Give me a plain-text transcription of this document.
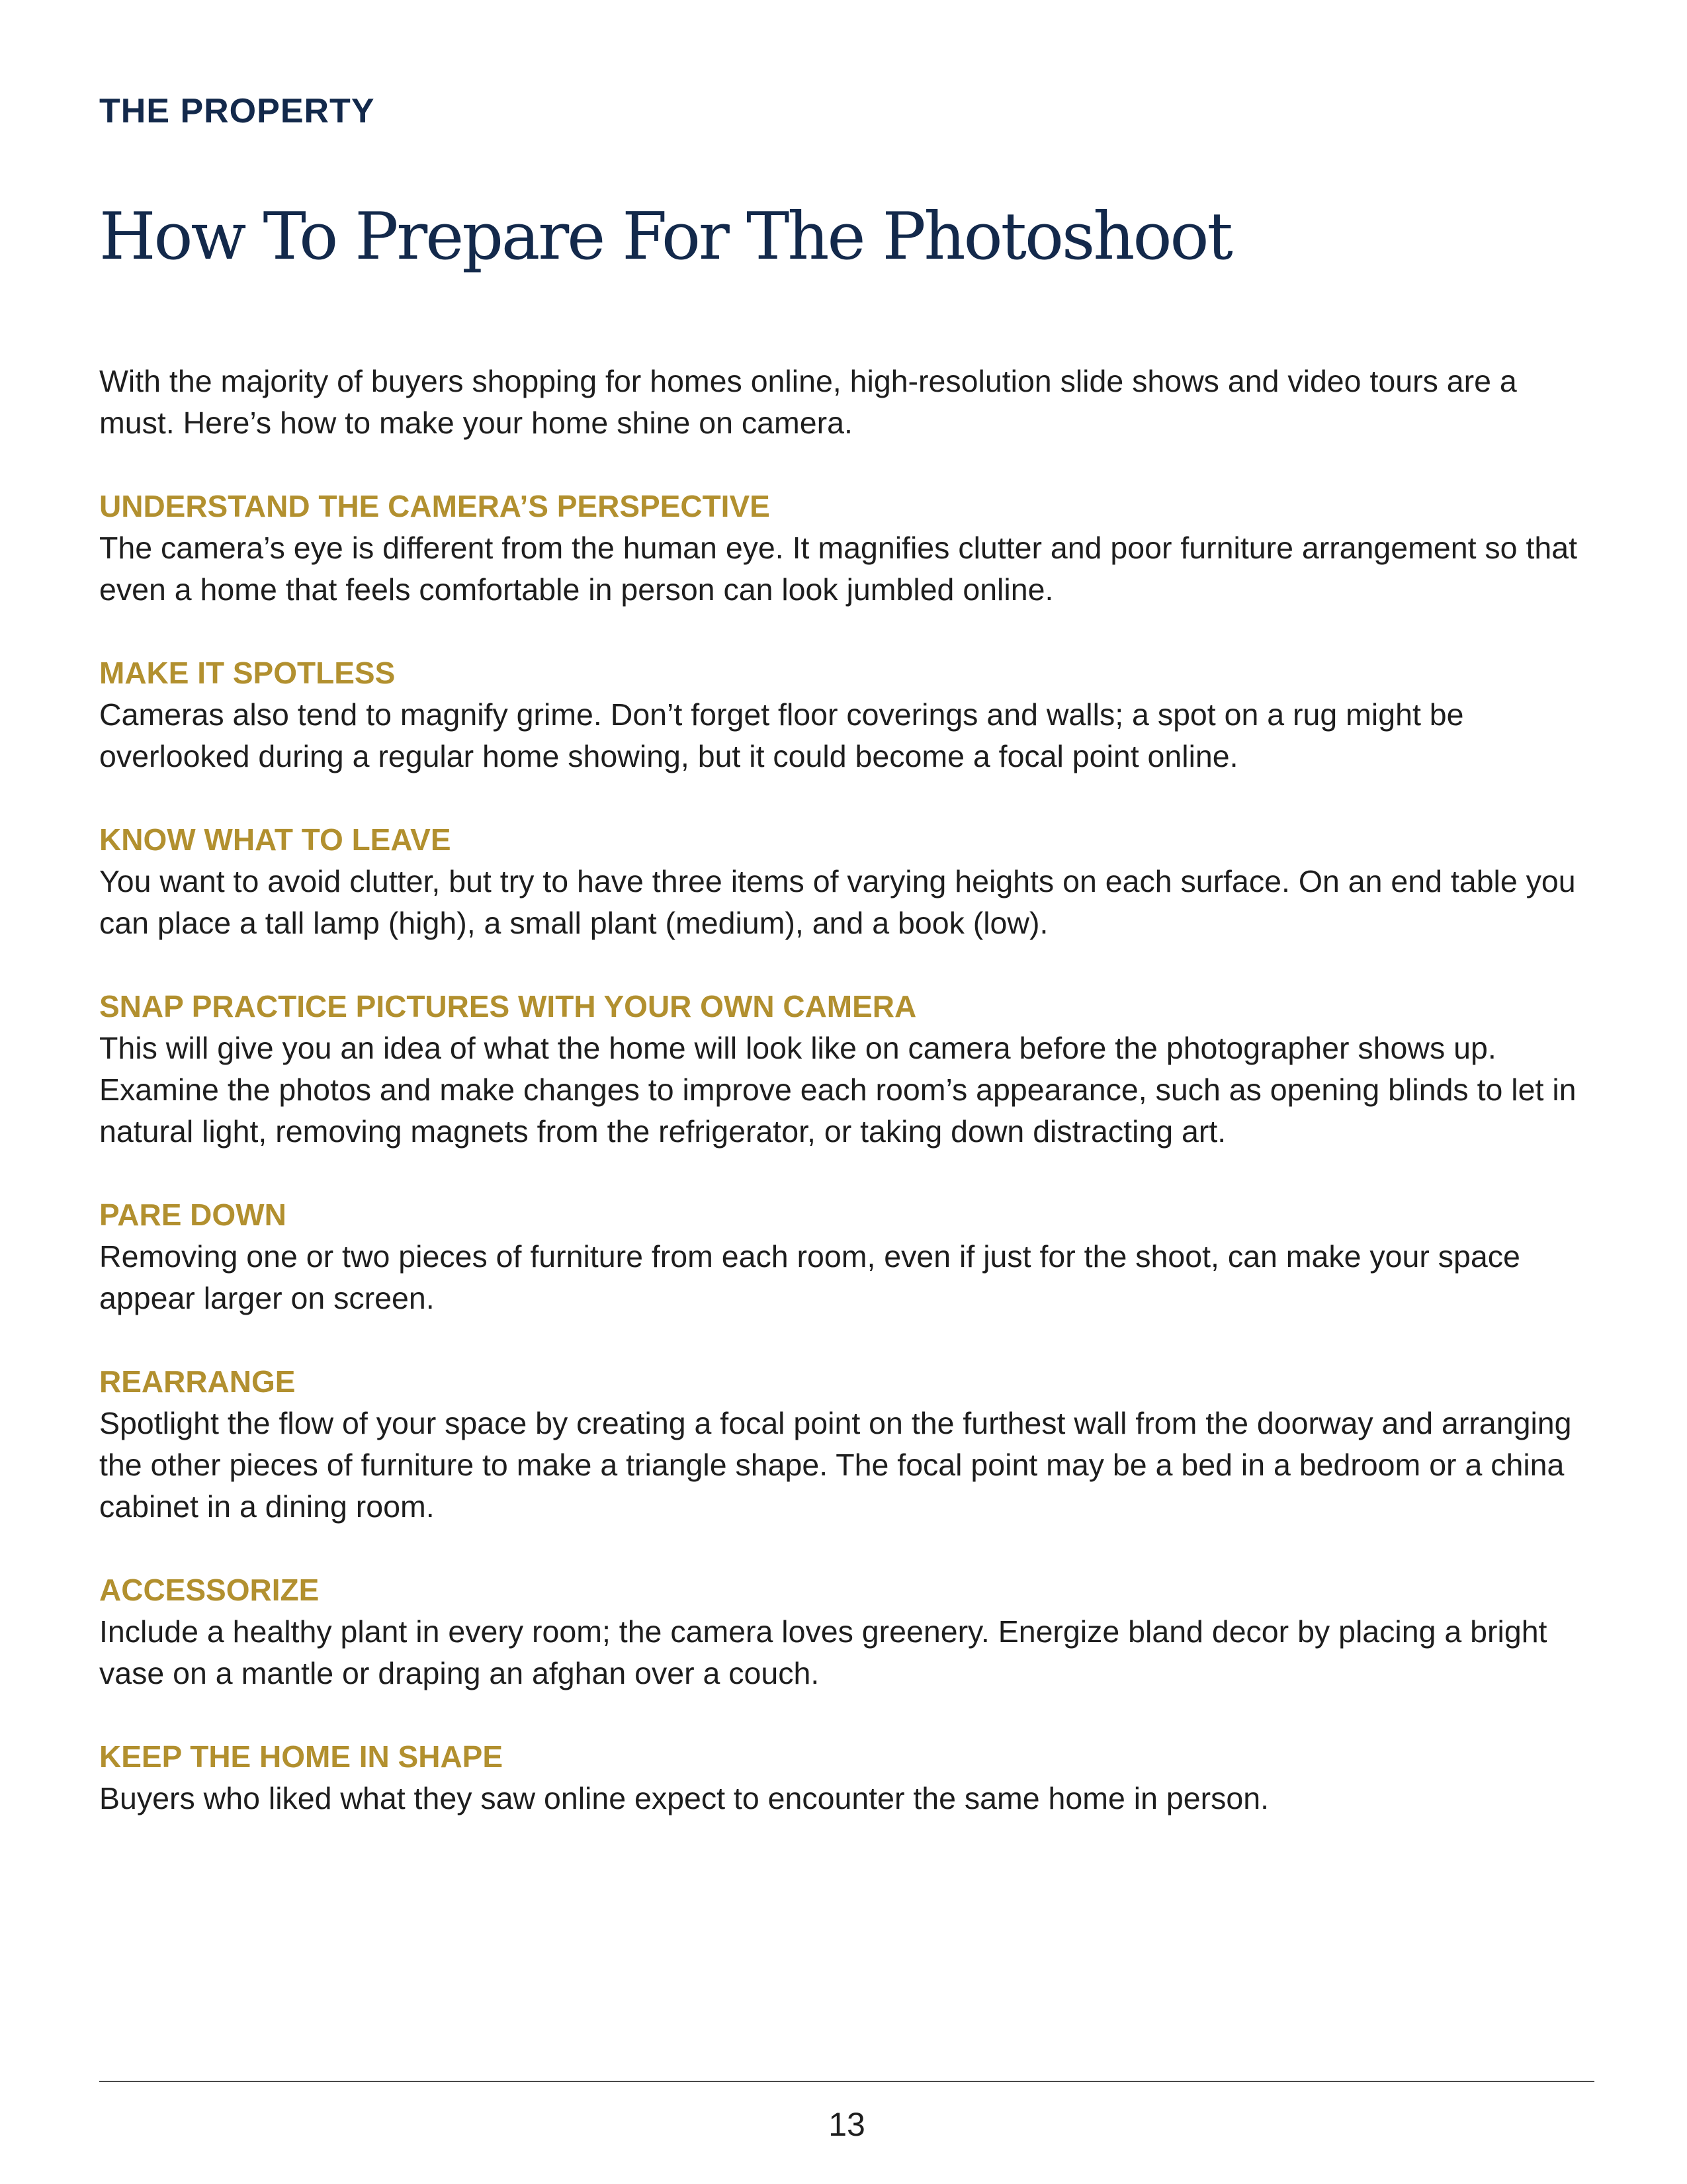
THE PROPERTY
How To Prepare For The Photoshoot

With the majority of buyers shopping for homes online, high-resolution slide shows and video tours are a must. Here’s how to make your home shine on camera.

UNDERSTAND THE CAMERA’S PERSPECTIVE

The camera’s eye is different from the human eye. It magnifies clutter and poor furniture arrangement so that even a home that feels comfortable in person can look jumbled online.

MAKE IT SPOTLESS

Cameras also tend to magnify grime. Don’t forget floor coverings and walls; a spot on a rug might be overlooked during a regular home showing, but it could become a focal point online.

KNOW WHAT TO LEAVE

You want to avoid clutter, but try to have three items of varying heights on each surface. On an end table you can place a tall lamp (high), a small plant (medium), and a book (low).

SNAP PRACTICE PICTURES WITH YOUR OWN CAMERA

This will give you an idea of what the home will look like on camera before the photographer shows up. Examine the photos and make changes to improve each room’s appearance, such as opening blinds to let in natural light, removing magnets from the refrigerator, or taking down distracting art.

PARE DOWN

Removing one or two pieces of furniture from each room, even if just for the shoot, can make your space appear larger on screen.

REARRANGE

Spotlight the flow of your space by creating a focal point on the furthest wall from the doorway and arranging the other pieces of furniture to make a triangle shape. The focal point may be a bed in a bedroom or a china cabinet in a dining room.

ACCESSORIZE

Include a healthy plant in every room; the camera loves greenery. Energize bland decor by placing a bright vase on a mantle or draping an afghan over a couch.

KEEP THE HOME IN SHAPE

Buyers who liked what they saw online expect to encounter the same home in person.

13
